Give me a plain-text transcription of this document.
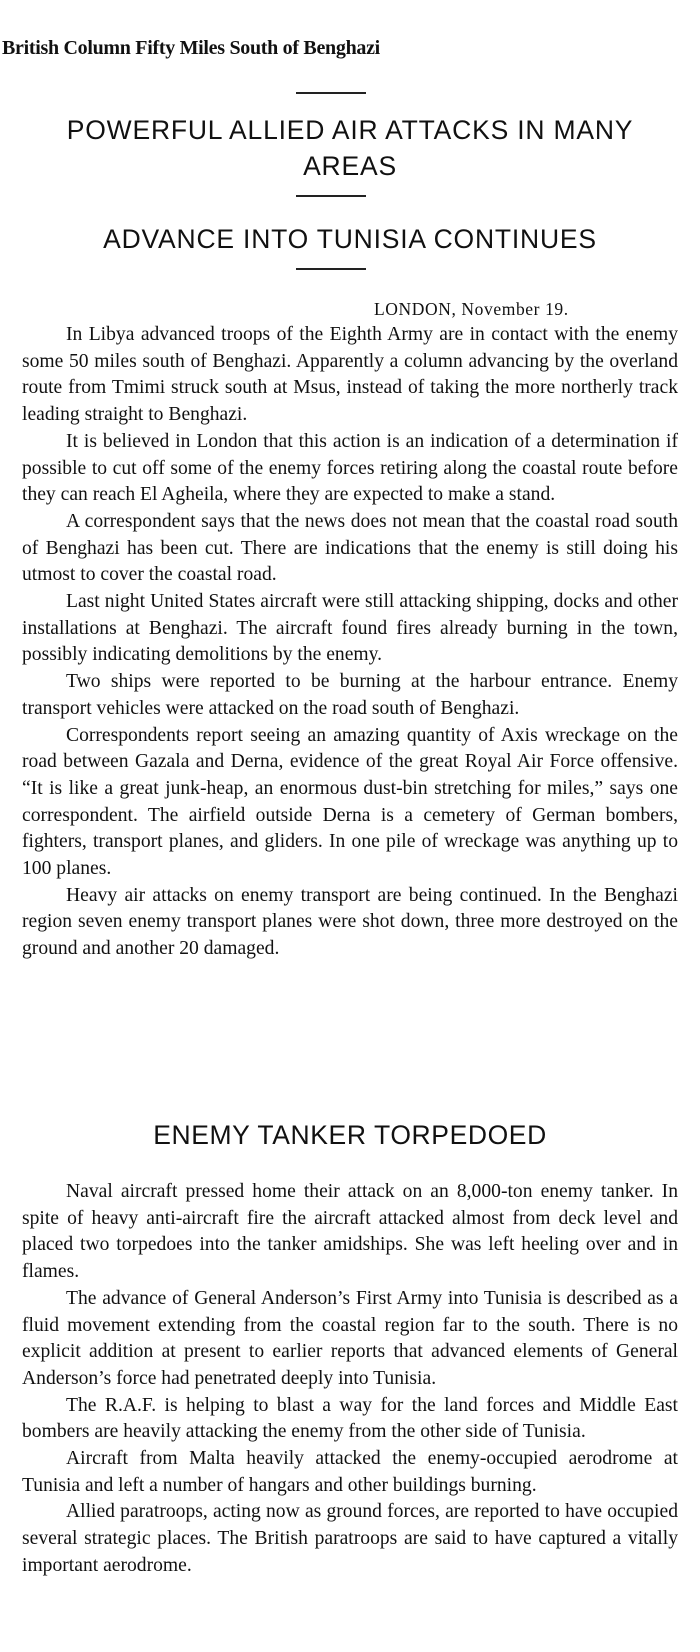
British Column Fifty Miles South of Benghazi
POWERFUL ALLIED AIR ATTACKS IN MANY AREAS
ADVANCE INTO TUNISIA CONTINUES
LONDON, November 19.

In Libya advanced troops of the Eighth Army are in contact with the enemy some 50 miles south of Benghazi. Apparently a column advancing by the overland route from Tmimi struck south at Msus, instead of taking the more northerly track leading straight to Benghazi.

It is believed in London that this action is an indication of a determination if possible to cut off some of the enemy forces retiring along the coastal route before they can reach El Agheila, where they are expected to make a stand.

A correspondent says that the news does not mean that the coastal road south of Benghazi has been cut. There are indications that the enemy is still doing his utmost to cover the coastal road.

Last night United States aircraft were still attacking shipping, docks and other installations at Benghazi. The aircraft found fires already burning in the town, possibly indicating demolitions by the enemy.

Two ships were reported to be burning at the harbour entrance. Enemy transport vehicles were attacked on the road south of Benghazi.

Correspondents report seeing an amazing quantity of Axis wreckage on the road between Gazala and Derna, evidence of the great Royal Air Force offensive. “It is like a great junk-heap, an enormous dust-bin stretching for miles,” says one correspondent. The airfield outside Derna is a cemetery of German bombers, fighters, transport planes, and gliders. In one pile of wreckage was anything up to 100 planes.

Heavy air attacks on enemy transport are being continued. In the Benghazi region seven enemy transport planes were shot down, three more destroyed on the ground and another 20 damaged.

ENEMY TANKER TORPEDOED

Naval aircraft pressed home their attack on an 8,000-ton enemy tanker. In spite of heavy anti-aircraft fire the aircraft attacked almost from deck level and placed two torpedoes into the tanker amidships. She was left heeling over and in flames.

The advance of General Anderson’s First Army into Tunisia is described as a fluid movement extending from the coastal region far to the south. There is no explicit addition at present to earlier reports that advanced elements of General Anderson’s force had penetrated deeply into Tunisia.

The R.A.F. is helping to blast a way for the land forces and Middle East bombers are heavily attacking the enemy from the other side of Tunisia.

Aircraft from Malta heavily attacked the enemy-occupied aerodrome at Tunisia and left a number of hangars and other buildings burning.

Allied paratroops, acting now as ground forces, are reported to have occupied several strategic places. The British paratroops are said to have captured a vitally important aerodrome.
